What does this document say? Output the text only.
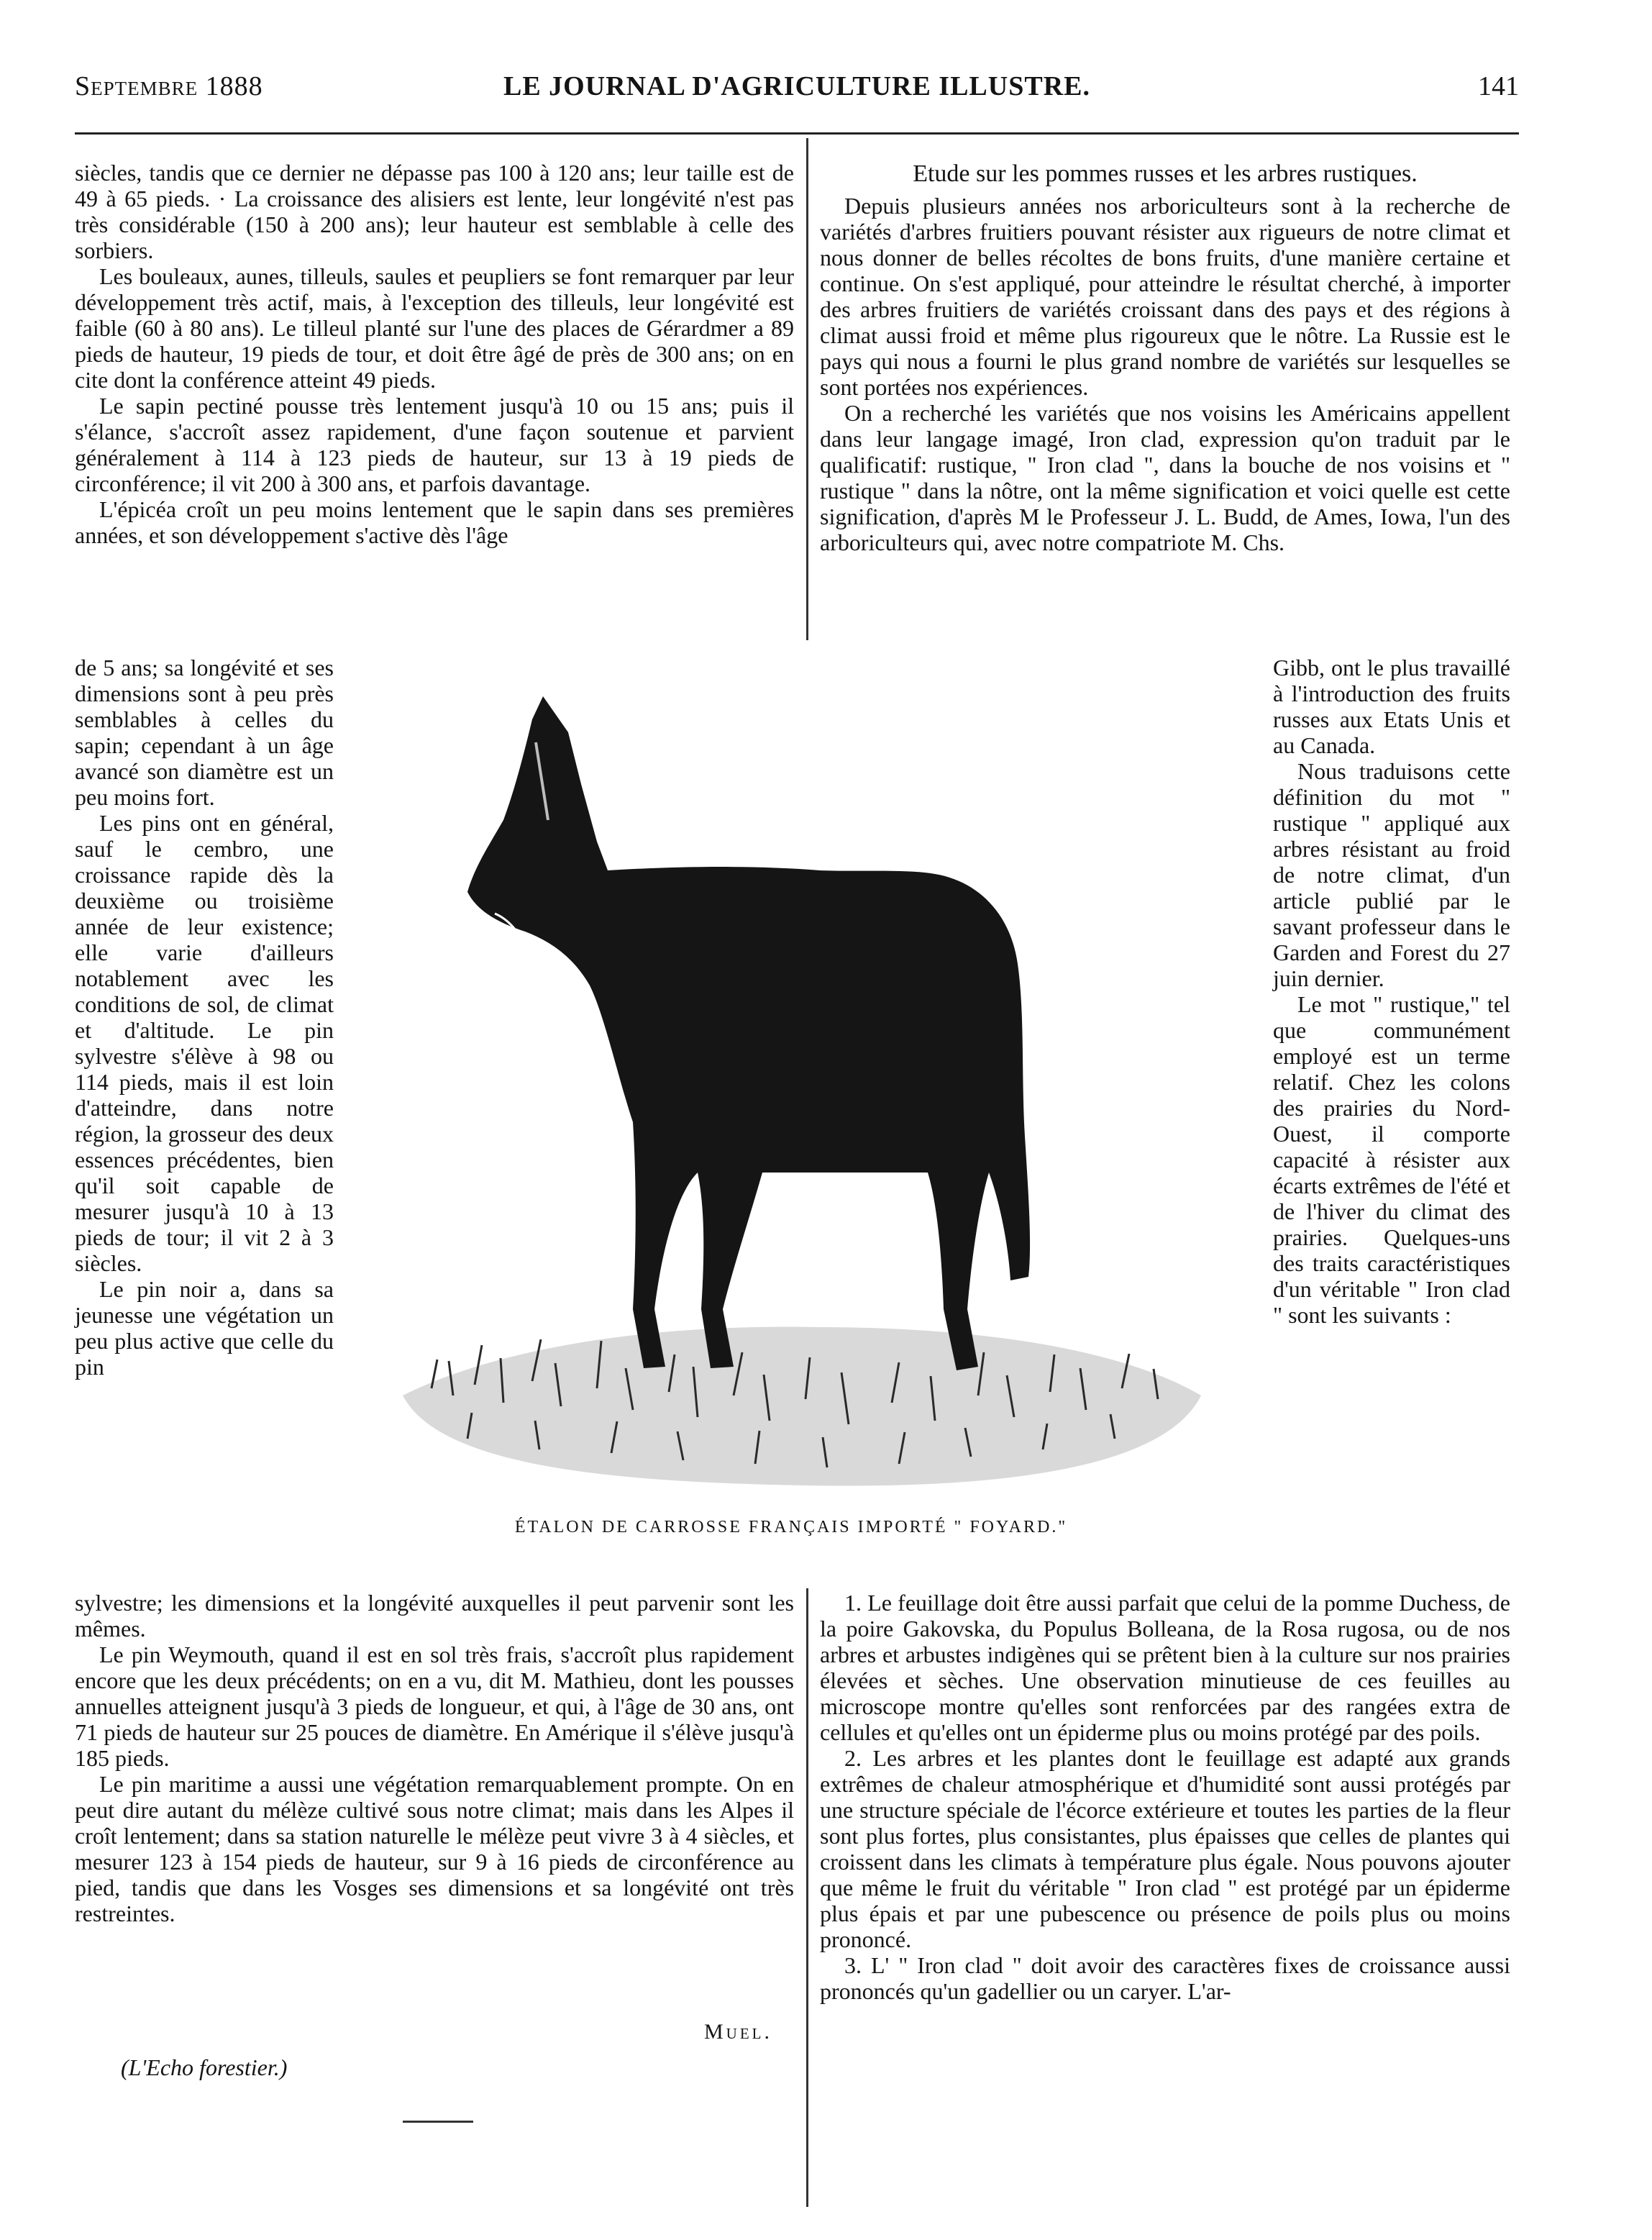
Septembre 1888	LE JOURNAL D'AGRICULTURE ILLUSTRE.	141

siècles, tandis que ce dernier ne dépasse pas 100 à 120 ans; leur taille est de 49 à 65 pieds. · La croissance des alisiers est lente, leur longévité n'est pas très considérable (150 à 200 ans); leur hauteur est semblable à celle des sorbiers.

Les bouleaux, aunes, tilleuls, saules et peupliers se font remarquer par leur développement très actif, mais, à l'exception des tilleuls, leur longévité est faible (60 à 80 ans). Le tilleul planté sur l'une des places de Gérardmer a 89 pieds de hauteur, 19 pieds de tour, et doit être âgé de près de 300 ans; on en cite dont la conférence atteint 49 pieds.

Le sapin pectiné pousse très lentement jusqu'à 10 ou 15 ans; puis il s'élance, s'accroît assez rapidement, d'une façon soutenue et parvient généralement à 114 à 123 pieds de hauteur, sur 13 à 19 pieds de circonférence; il vit 200 à 300 ans, et parfois davantage.

L'épicéa croît un peu moins lentement que le sapin dans ses premières années, et son développement s'active dès l'âge

de 5 ans; sa longévité et ses dimensions sont à peu près semblables à celles du sapin; cependant à un âge avancé son diamètre est un peu moins fort.

Les pins ont en général, sauf le cembro, une croissance rapide dès la deuxième ou troisième année de leur existence; elle varie d'ailleurs notablement avec les conditions de sol, de climat et d'altitude. Le pin sylvestre s'élève à 98 ou 114 pieds, mais il est loin d'atteindre, dans notre région, la grosseur des deux essences précédentes, bien qu'il soit capable de mesurer jusqu'à 10 à 13 pieds de tour; il vit 2 à 3 siècles.

Le pin noir a, dans sa jeunesse une végétation un peu plus active que celle du pin

sylvestre; les dimensions et la longévité auxquelles il peut parvenir sont les mêmes.

Le pin Weymouth, quand il est en sol très frais, s'accroît plus rapidement encore que les deux précédents; on en a vu, dit M. Mathieu, dont les pousses annuelles atteignent jusqu'à 3 pieds de longueur, et qui, à l'âge de 30 ans, ont 71 pieds de hauteur sur 25 pouces de diamètre. En Amérique il s'élève jusqu'à 185 pieds.

Le pin maritime a aussi une végétation remarquablement prompte. On en peut dire autant du mélèze cultivé sous notre climat; mais dans les Alpes il croît lentement; dans sa station naturelle le mélèze peut vivre 3 à 4 siècles, et mesurer 123 à 154 pieds de hauteur, sur 9 à 16 pieds de circonférence au pied, tandis que dans les Vosges ses dimensions et sa longévité ont très restreintes.

Muel.
(L'Echo forestier.)
Etude sur les pommes russes et les arbres rustiques.

Depuis plusieurs années nos arboriculteurs sont à la recherche de variétés d'arbres fruitiers pouvant résister aux rigueurs de notre climat et nous donner de belles récoltes de bons fruits, d'une manière certaine et continue. On s'est appliqué, pour atteindre le résultat cherché, à importer des arbres fruitiers de variétés croissant dans des pays et des régions à climat aussi froid et même plus rigoureux que le nôtre. La Russie est le pays qui nous a fourni le plus grand nombre de variétés sur lesquelles se sont portées nos expériences.

On a recherché les variétés que nos voisins les Américains appellent dans leur langage imagé, Iron clad, expression qu'on traduit par le qualificatif: rustique, " Iron clad ", dans la bouche de nos voisins et " rustique " dans la nôtre, ont la même signification et voici quelle est cette signification, d'après M le Professeur J. L. Budd, de Ames, Iowa, l'un des arboriculteurs qui, avec notre compatriote M. Chs.

Gibb, ont le plus travaillé à l'introduction des fruits russes aux Etats Unis et au Canada.

Nous traduisons cette définition du mot " rustique " appliqué aux arbres résistant au froid de notre climat, d'un article publié par le savant professeur dans le Garden and Forest du 27 juin dernier.

Le mot " rustique," tel que communément employé est un terme relatif. Chez les colons des prairies du Nord-Ouest, il comporte capacité à résister aux écarts extrêmes de l'été et de l'hiver du climat des prairies. Quelques-uns des traits caractéristiques d'un véritable " Iron clad " sont les suivants :

1. Le feuillage doit être aussi parfait que celui de la pomme Duchess, de la poire Gakovska, du Populus Bolleana, de la Rosa rugosa, ou de nos arbres et arbustes indigènes qui se prêtent bien à la culture sur nos prairies élevées et sèches. Une observation minutieuse de ces feuilles au microscope montre qu'elles sont renforcées par des rangées extra de cellules et qu'elles ont un épiderme plus ou moins protégé par des poils.

2. Les arbres et les plantes dont le feuillage est adapté aux grands extrêmes de chaleur atmosphérique et d'humidité sont aussi protégés par une structure spéciale de l'écorce extérieure et toutes les parties de la fleur sont plus fortes, plus consistantes, plus épaisses que celles de plantes qui croissent dans les climats à température plus égale. Nous pouvons ajouter que même le fruit du véritable " Iron clad " est protégé par un épiderme plus épais et par une pubescence ou présence de poils plus ou moins prononcé.

3. L' " Iron clad " doit avoir des caractères fixes de croissance aussi prononcés qu'un gadellier ou un caryer. L'ar-

ÉTALON DE CARROSSE FRANÇAIS IMPORTÉ " FOYARD."
